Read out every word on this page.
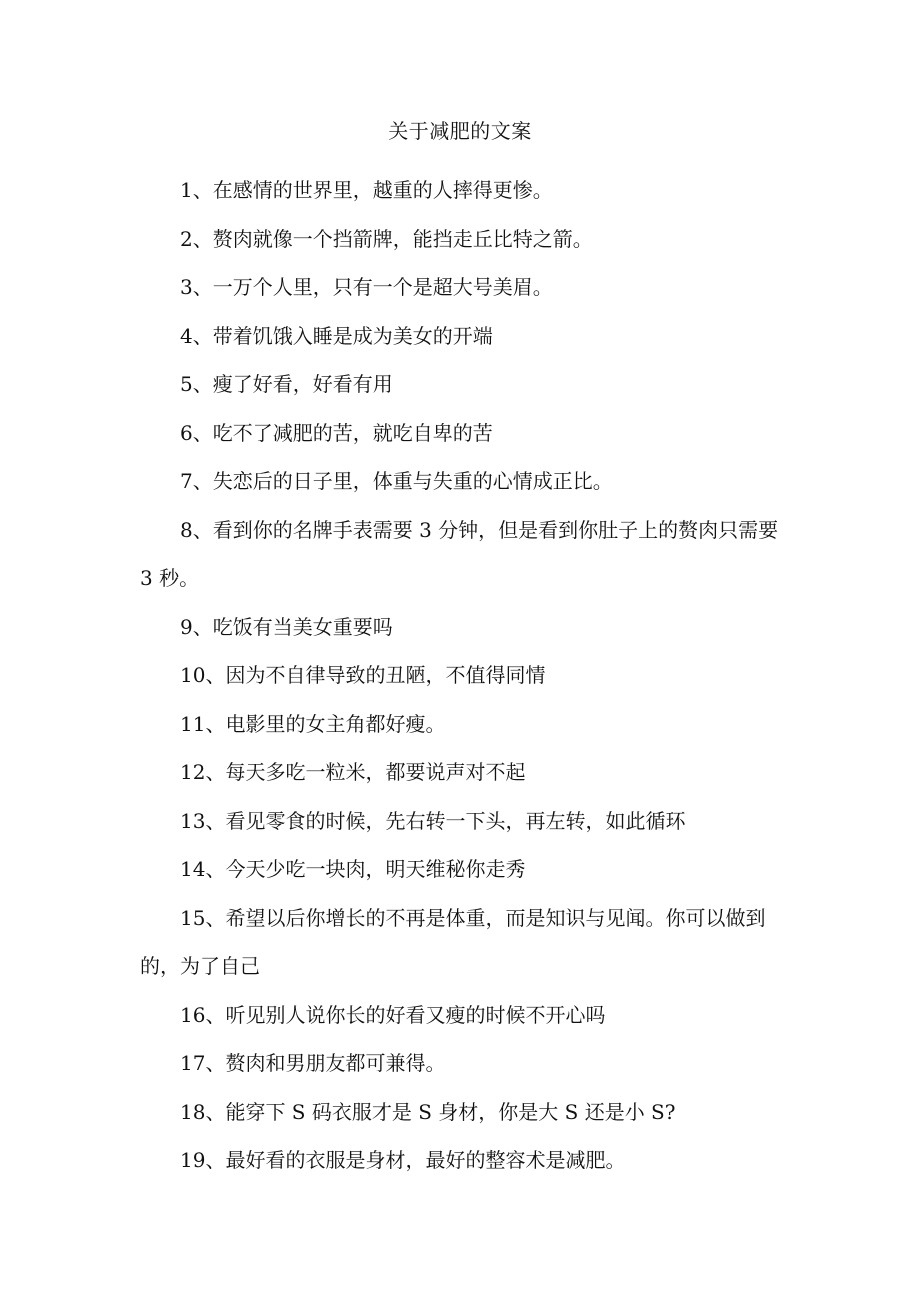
关于减肥的文案

1、在感情的世界里，越重的人摔得更惨。

2、赘肉就像一个挡箭牌，能挡走丘比特之箭。

3、一万个人里，只有一个是超大号美眉。

4、带着饥饿入睡是成为美女的开端

5、瘦了好看，好看有用

6、吃不了减肥的苦，就吃自卑的苦

7、失恋后的日子里，体重与失重的心情成正比。

8、看到你的名牌手表需要 3 分钟，但是看到你肚子上的赘肉只需要 3 秒。

9、吃饭有当美女重要吗

10、因为不自律导致的丑陋，不值得同情

11、电影里的女主角都好瘦。

12、每天多吃一粒米，都要说声对不起

13、看见零食的时候，先右转一下头，再左转，如此循环

14、今天少吃一块肉，明天维秘你走秀

15、希望以后你增长的不再是体重，而是知识与见闻。你可以做到的，为了自己

16、听见别人说你长的好看又瘦的时候不开心吗

17、赘肉和男朋友都可兼得。

18、能穿下 S 码衣服才是 S 身材，你是大 S 还是小 S?

19、最好看的衣服是身材，最好的整容术是减肥。
